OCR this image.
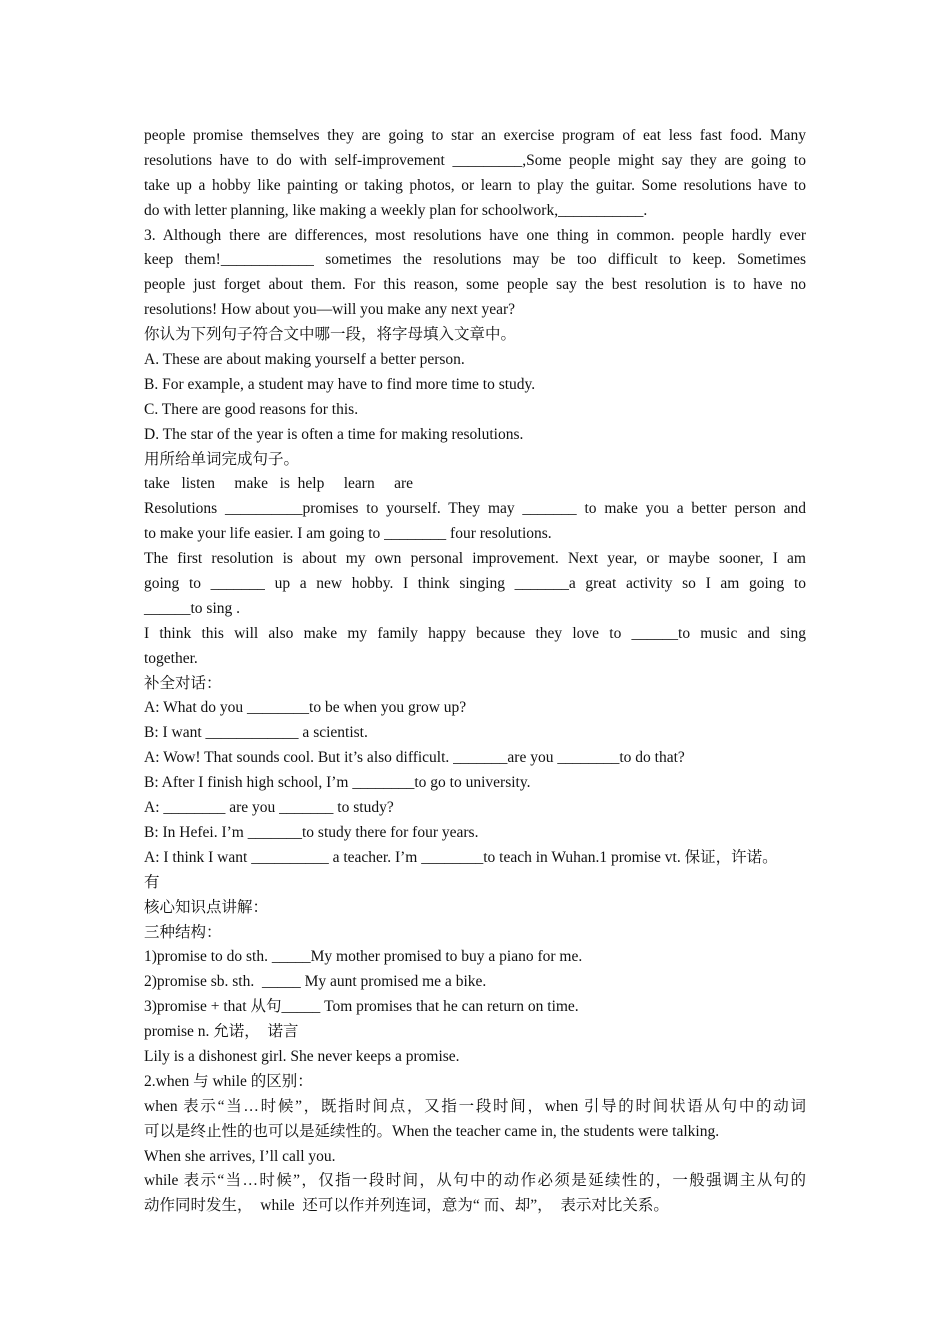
people promise themselves they are going to star an exercise program of eat less fast food. Many
resolutions have to do with self-improvement _________,Some people might say they are going to
take up a hobby like painting or taking photos, or learn to play the guitar. Some resolutions have to
do with letter planning, like making a weekly plan for schoolwork,___________.
3. Although there are differences, most resolutions have one thing in common. people hardly ever
keep them!____________ sometimes the resolutions may be too difficult to keep. Sometimes
people just forget about them. For this reason, some people say the best resolution is to have no
resolutions! How about you—will you make any next year?
你认为下列句子符合文中哪一段，将字母填入文章中。
A. These are about making yourself a better person.
B. For example, a student may have to find more time to study.
C. There are good reasons for this.
D. The star of the year is often a time for making resolutions.
用所给单词完成句子。
take   listen     make   is  help     learn     are
Resolutions __________promises to yourself. They may _______ to make you a better person and
to make your life easier. I am going to ________ four resolutions.
The first resolution is about my own personal improvement. Next year, or maybe sooner, I am
going to _______ up a new hobby. I think singing _______a great activity so I am going to
______to sing .
I think this will also make my family happy because they love to ______to music and sing
together.
补全对话：
A: What do you ________to be when you grow up?
B: I want ____________ a scientist.
A: Wow! That sounds cool. But it’s also difficult. _______are you ________to do that?
B: After I finish high school, I’m ________to go to university.
A: ________ are you _______ to study?
B: In Hefei. I’m _______to study there for four years.
A: I think I want __________ a teacher. I’m ________to teach in Wuhan.1 promise vt. 保证，许诺。
有
核心知识点讲解：
三种结构：
1)promise to do sth. _____My mother promised to buy a piano for me.
2)promise sb. sth.  _____ My aunt promised me a bike.
3)promise + that 从句_____ Tom promises that he can return on time.
promise n. 允诺，  诺言
Lily is a dishonest girl. She never keeps a promise.
2.when 与 while 的区别：
when 表示“当…时候”，既指时间点，又指一段时间，when 引导的时间状语从句中的动词
可以是终止性的也可以是延续性的。When the teacher came in, the students were talking.
When she arrives, I’ll call you.
while 表示“当…时候”，仅指一段时间，从句中的动作必须是延续性的，一般强调主从句的
动作同时发生，  while  还可以作并列连词，意为“ 而、却”，  表示对比关系。
